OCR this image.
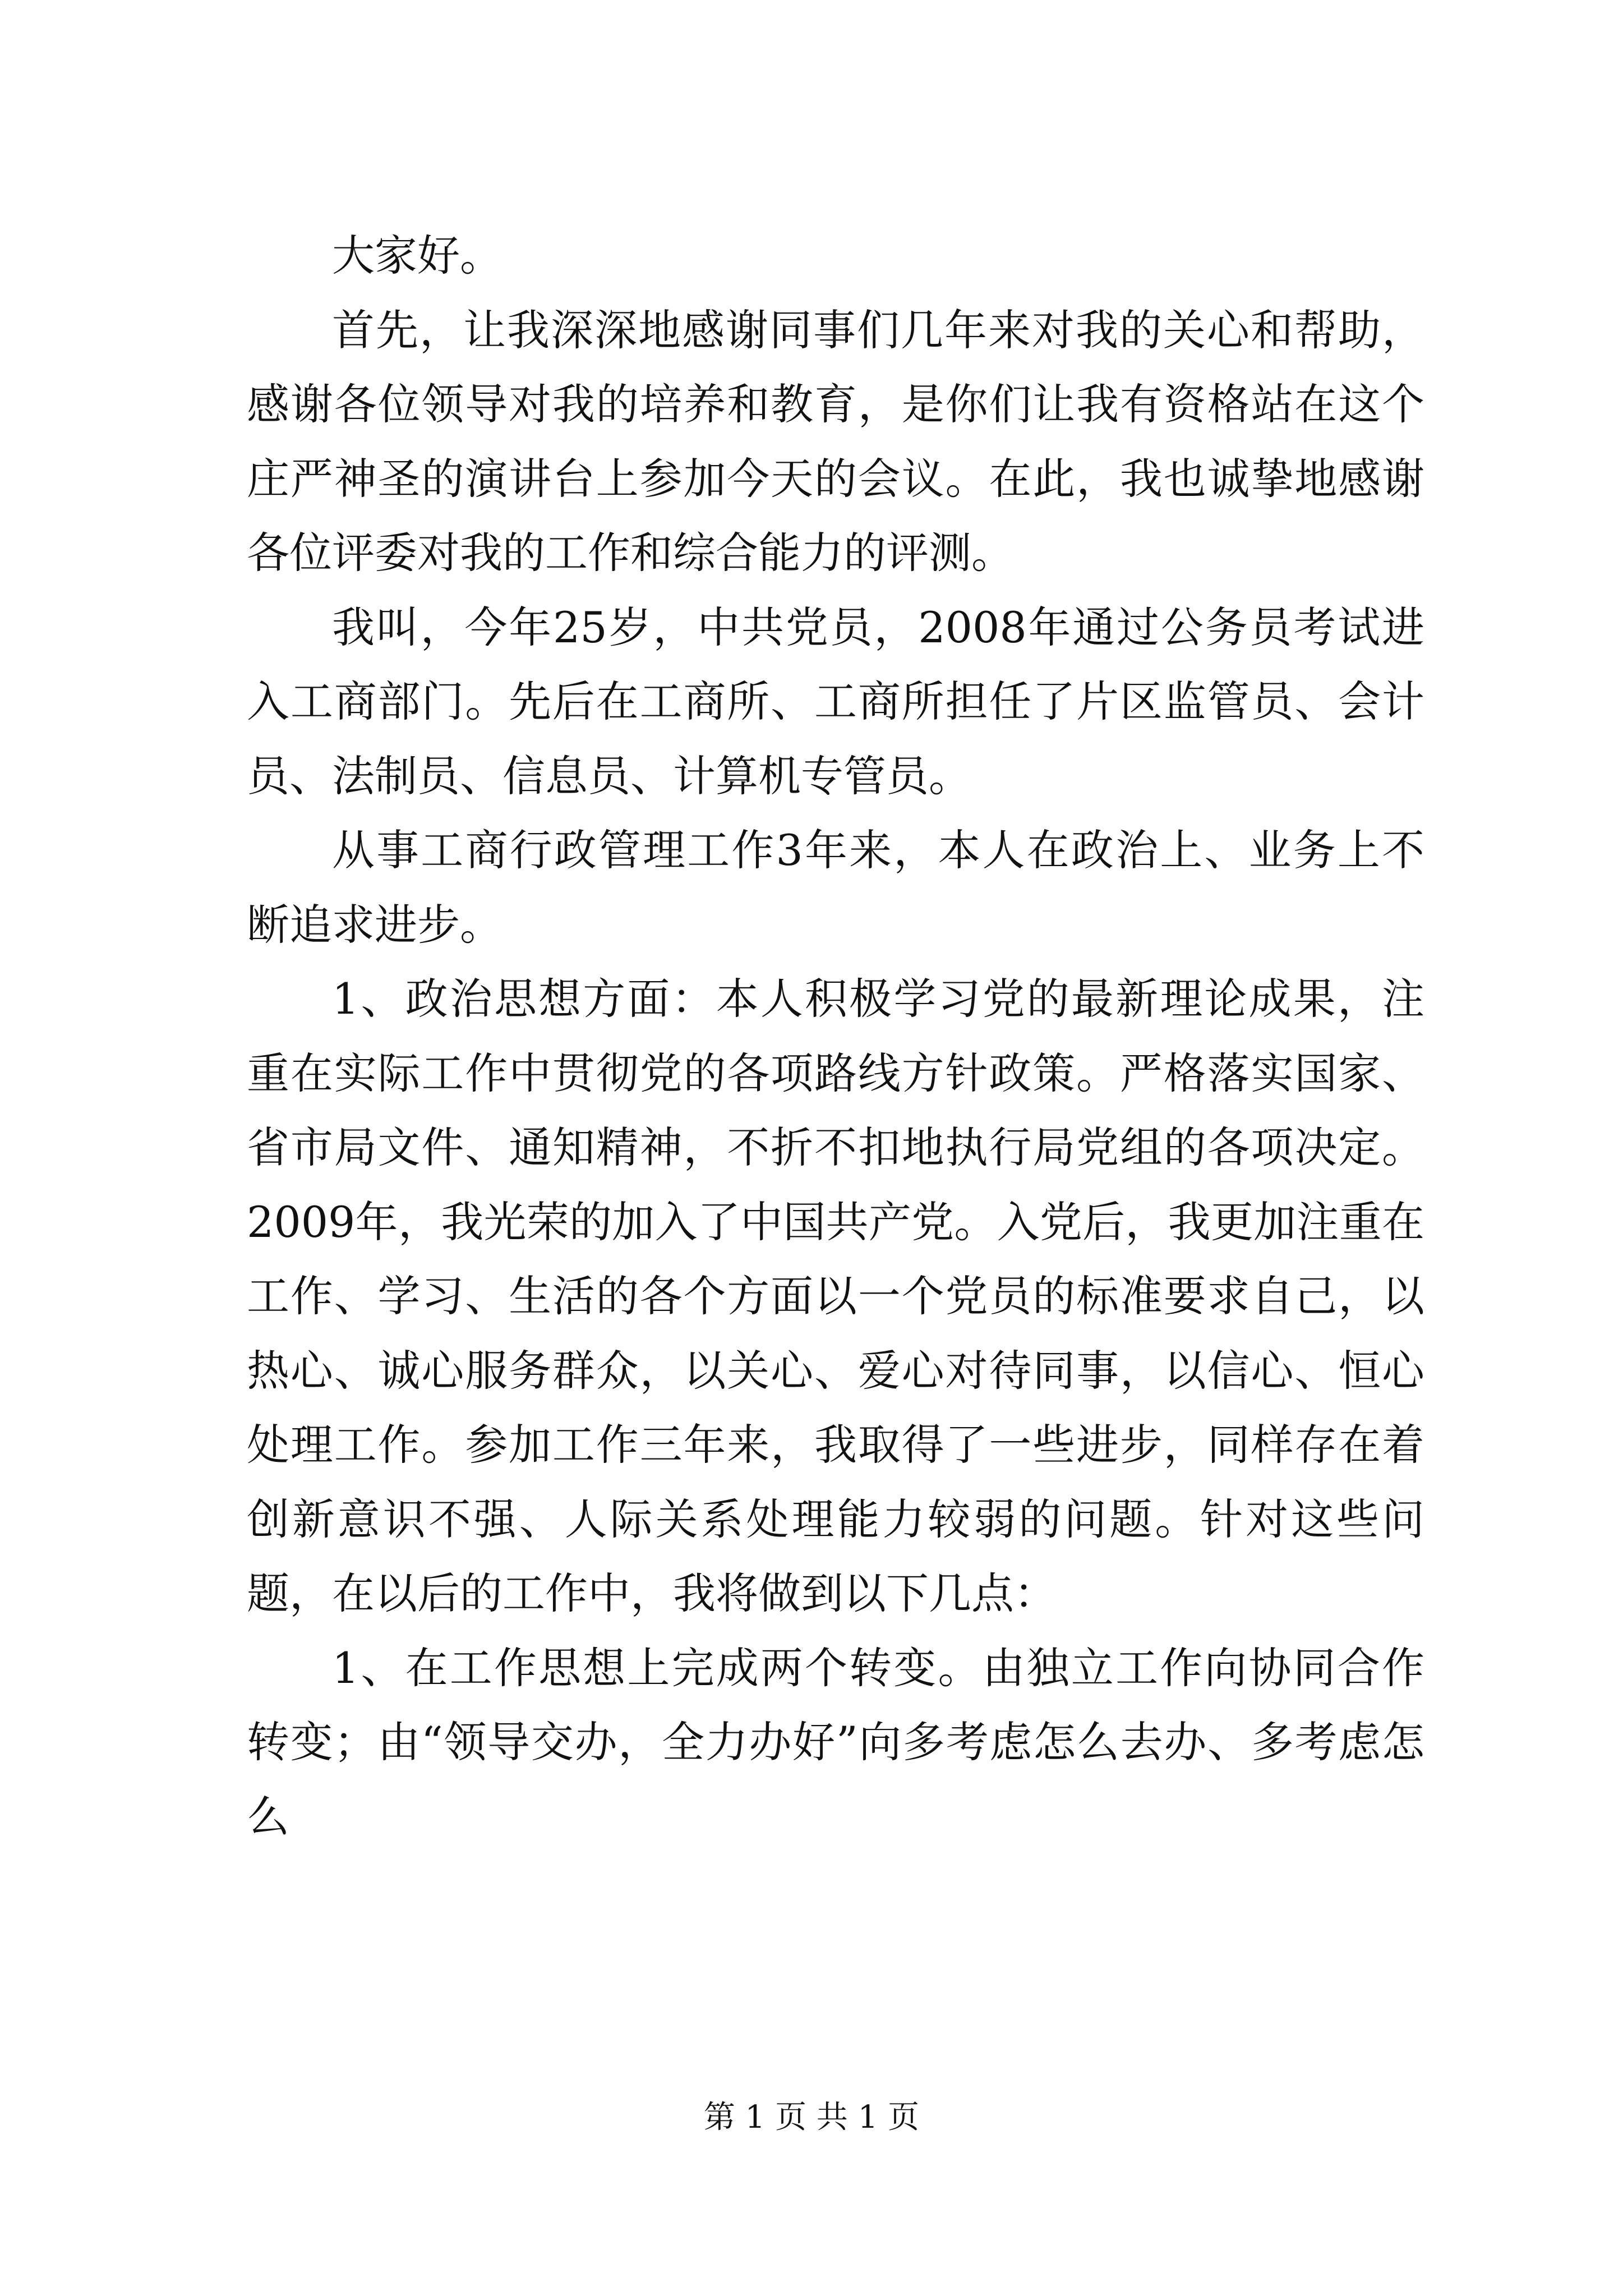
大家好。

首先，让我深深地感谢同事们几年来对我的关心和帮助，感谢各位领导对我的培养和教育，是你们让我有资格站在这个庄严神圣的演讲台上参加今天的会议。在此，我也诚挚地感谢各位评委对我的工作和综合能力的评测。

我叫，今年25岁，中共党员，2008年通过公务员考试进入工商部门。先后在工商所、工商所担任了片区监管员、会计员、法制员、信息员、计算机专管员。

从事工商行政管理工作3年来，本人在政治上、业务上不断追求进步。

1、政治思想方面：本人积极学习党的最新理论成果，注重在实际工作中贯彻党的各项路线方针政策。严格落实国家、省市局文件、通知精神，不折不扣地执行局党组的各项决定。2009年，我光荣的加入了中国共产党。入党后，我更加注重在工作、学习、生活的各个方面以一个党员的标准要求自己，以热心、诚心服务群众，以关心、爱心对待同事，以信心、恒心处理工作。参加工作三年来，我取得了一些进步，同样存在着创新意识不强、人际关系处理能力较弱的问题。针对这些问题，在以后的工作中，我将做到以下几点：

1、在工作思想上完成两个转变。由独立工作向协同合作转变；由“领导交办，全力办好”向多考虑怎么去办、多考虑怎么

第 1 页 共 1 页
